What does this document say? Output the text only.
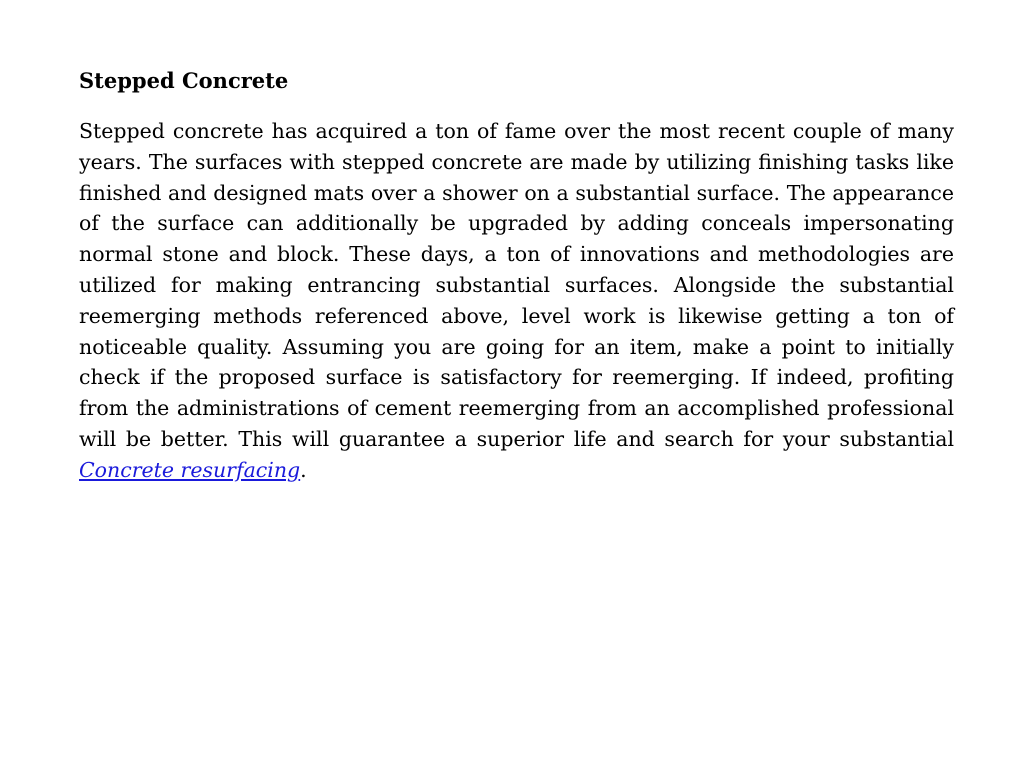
Stepped Concrete

Stepped concrete has acquired a ton of fame over the most recent couple of many years. The surfaces with stepped concrete are made by utilizing finishing tasks like finished and designed mats over a shower on a substantial surface. The appearance of the surface can additionally be upgraded by adding conceals impersonating normal stone and block. These days, a ton of innovations and methodologies are utilized for making entrancing substantial surfaces. Alongside the substantial reemerging methods referenced above, level work is likewise getting a ton of noticeable quality. Assuming you are going for an item, make a point to initially check if the proposed surface is satisfactory for reemerging. If indeed, profiting from the administrations of cement reemerging from an accomplished professional will be better. This will guarantee a superior life and search for your substantial Concrete resurfacing.
